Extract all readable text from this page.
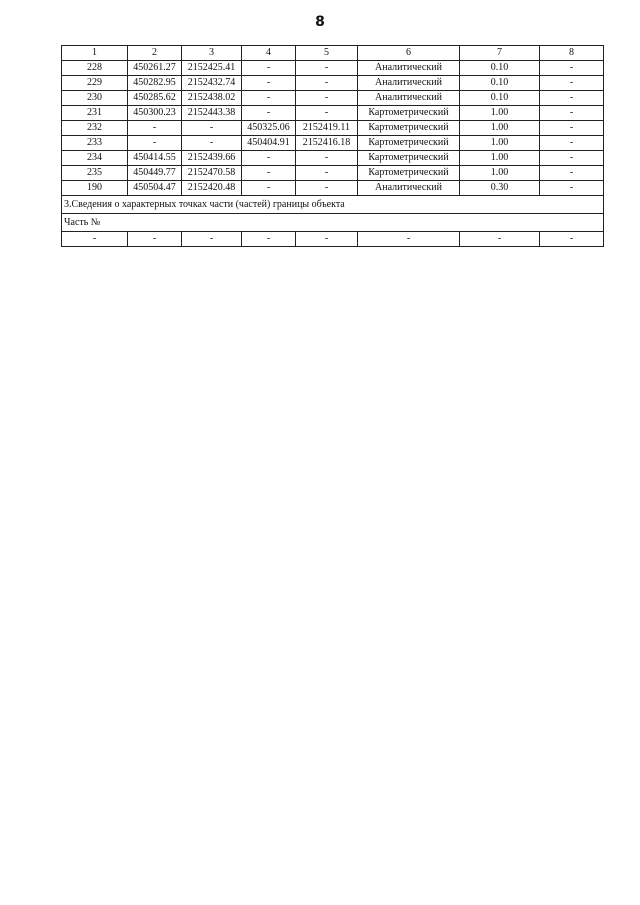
8
1	2	3	4	5	6	7	8
228	450261.27	2152425.41	-	-	Аналитический	0.10	-
229	450282.95	2152432.74	-	-	Аналитический	0.10	-
230	450285.62	2152438.02	-	-	Аналитический	0.10	-
231	450300.23	2152443.38	-	-	Картометрический	1.00	-
232	-	-	450325.06	2152419.11	Картометрический	1.00	-
233	-	-	450404.91	2152416.18	Картометрический	1.00	-
234	450414.55	2152439.66	-	-	Картометрический	1.00	-
235	450449.77	2152470.58	-	-	Картометрический	1.00	-
190	450504.47	2152420.48	-	-	Аналитический	0.30	-
3.Сведения о характерных точках части (частей) границы объекта							
Часть №							
-	-	-	-	-	-	-	-
